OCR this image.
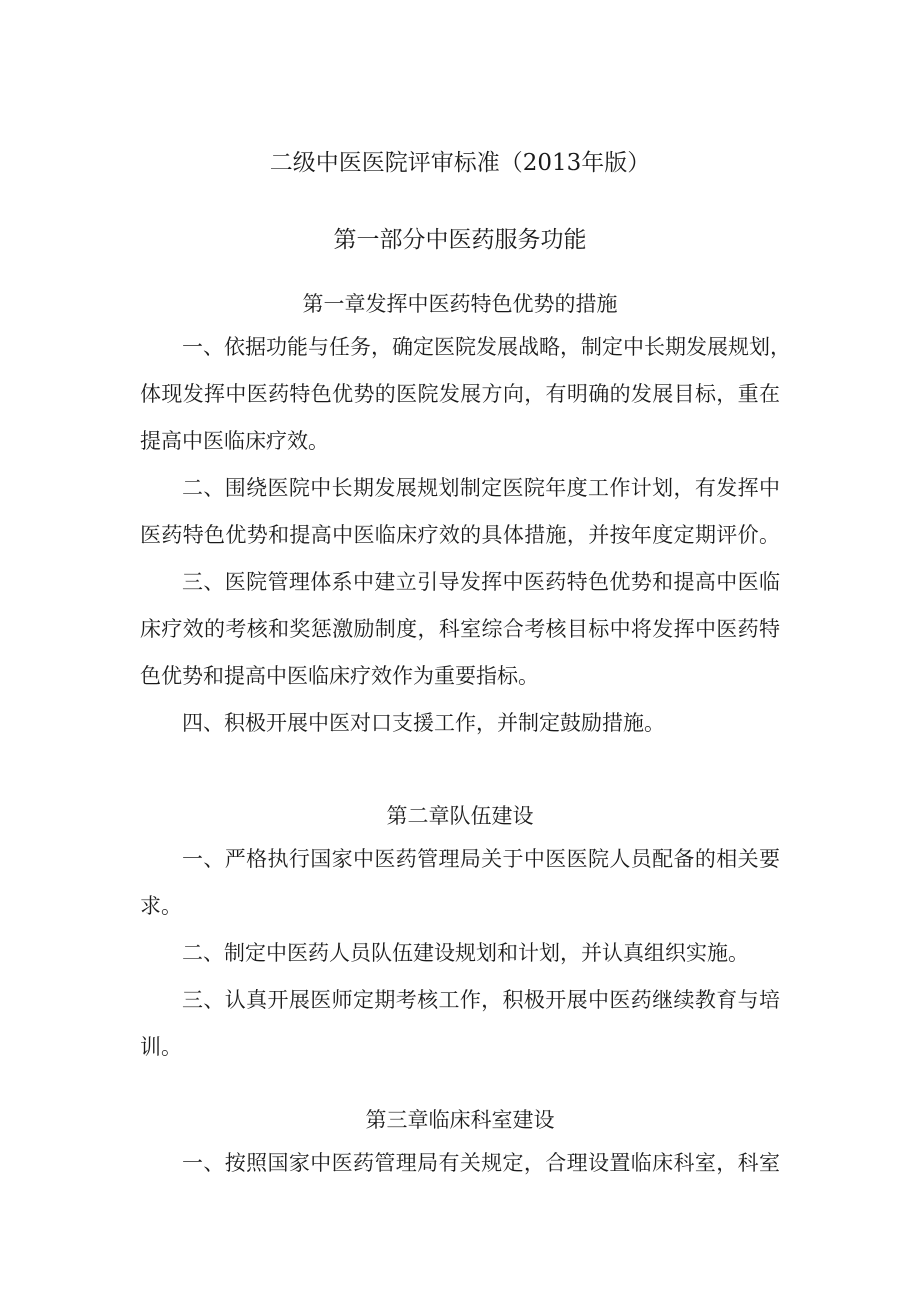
二级中医医院评审标准（2013年版）
第一部分中医药服务功能
第一章发挥中医药特色优势的措施
一、依据功能与任务，确定医院发展战略，制定中长期发展规划，
体现发挥中医药特色优势的医院发展方向，有明确的发展目标，重在
提高中医临床疗效。
二、围绕医院中长期发展规划制定医院年度工作计划，有发挥中
医药特色优势和提高中医临床疗效的具体措施，并按年度定期评价。
三、医院管理体系中建立引导发挥中医药特色优势和提高中医临
床疗效的考核和奖惩激励制度，科室综合考核目标中将发挥中医药特
色优势和提高中医临床疗效作为重要指标。
四、积极开展中医对口支援工作，并制定鼓励措施。
第二章队伍建设
一、严格执行国家中医药管理局关于中医医院人员配备的相关要
求。
二、制定中医药人员队伍建设规划和计划，并认真组织实施。
三、认真开展医师定期考核工作，积极开展中医药继续教育与培
训。
第三章临床科室建设
一、按照国家中医药管理局有关规定，合理设置临床科室，科室
